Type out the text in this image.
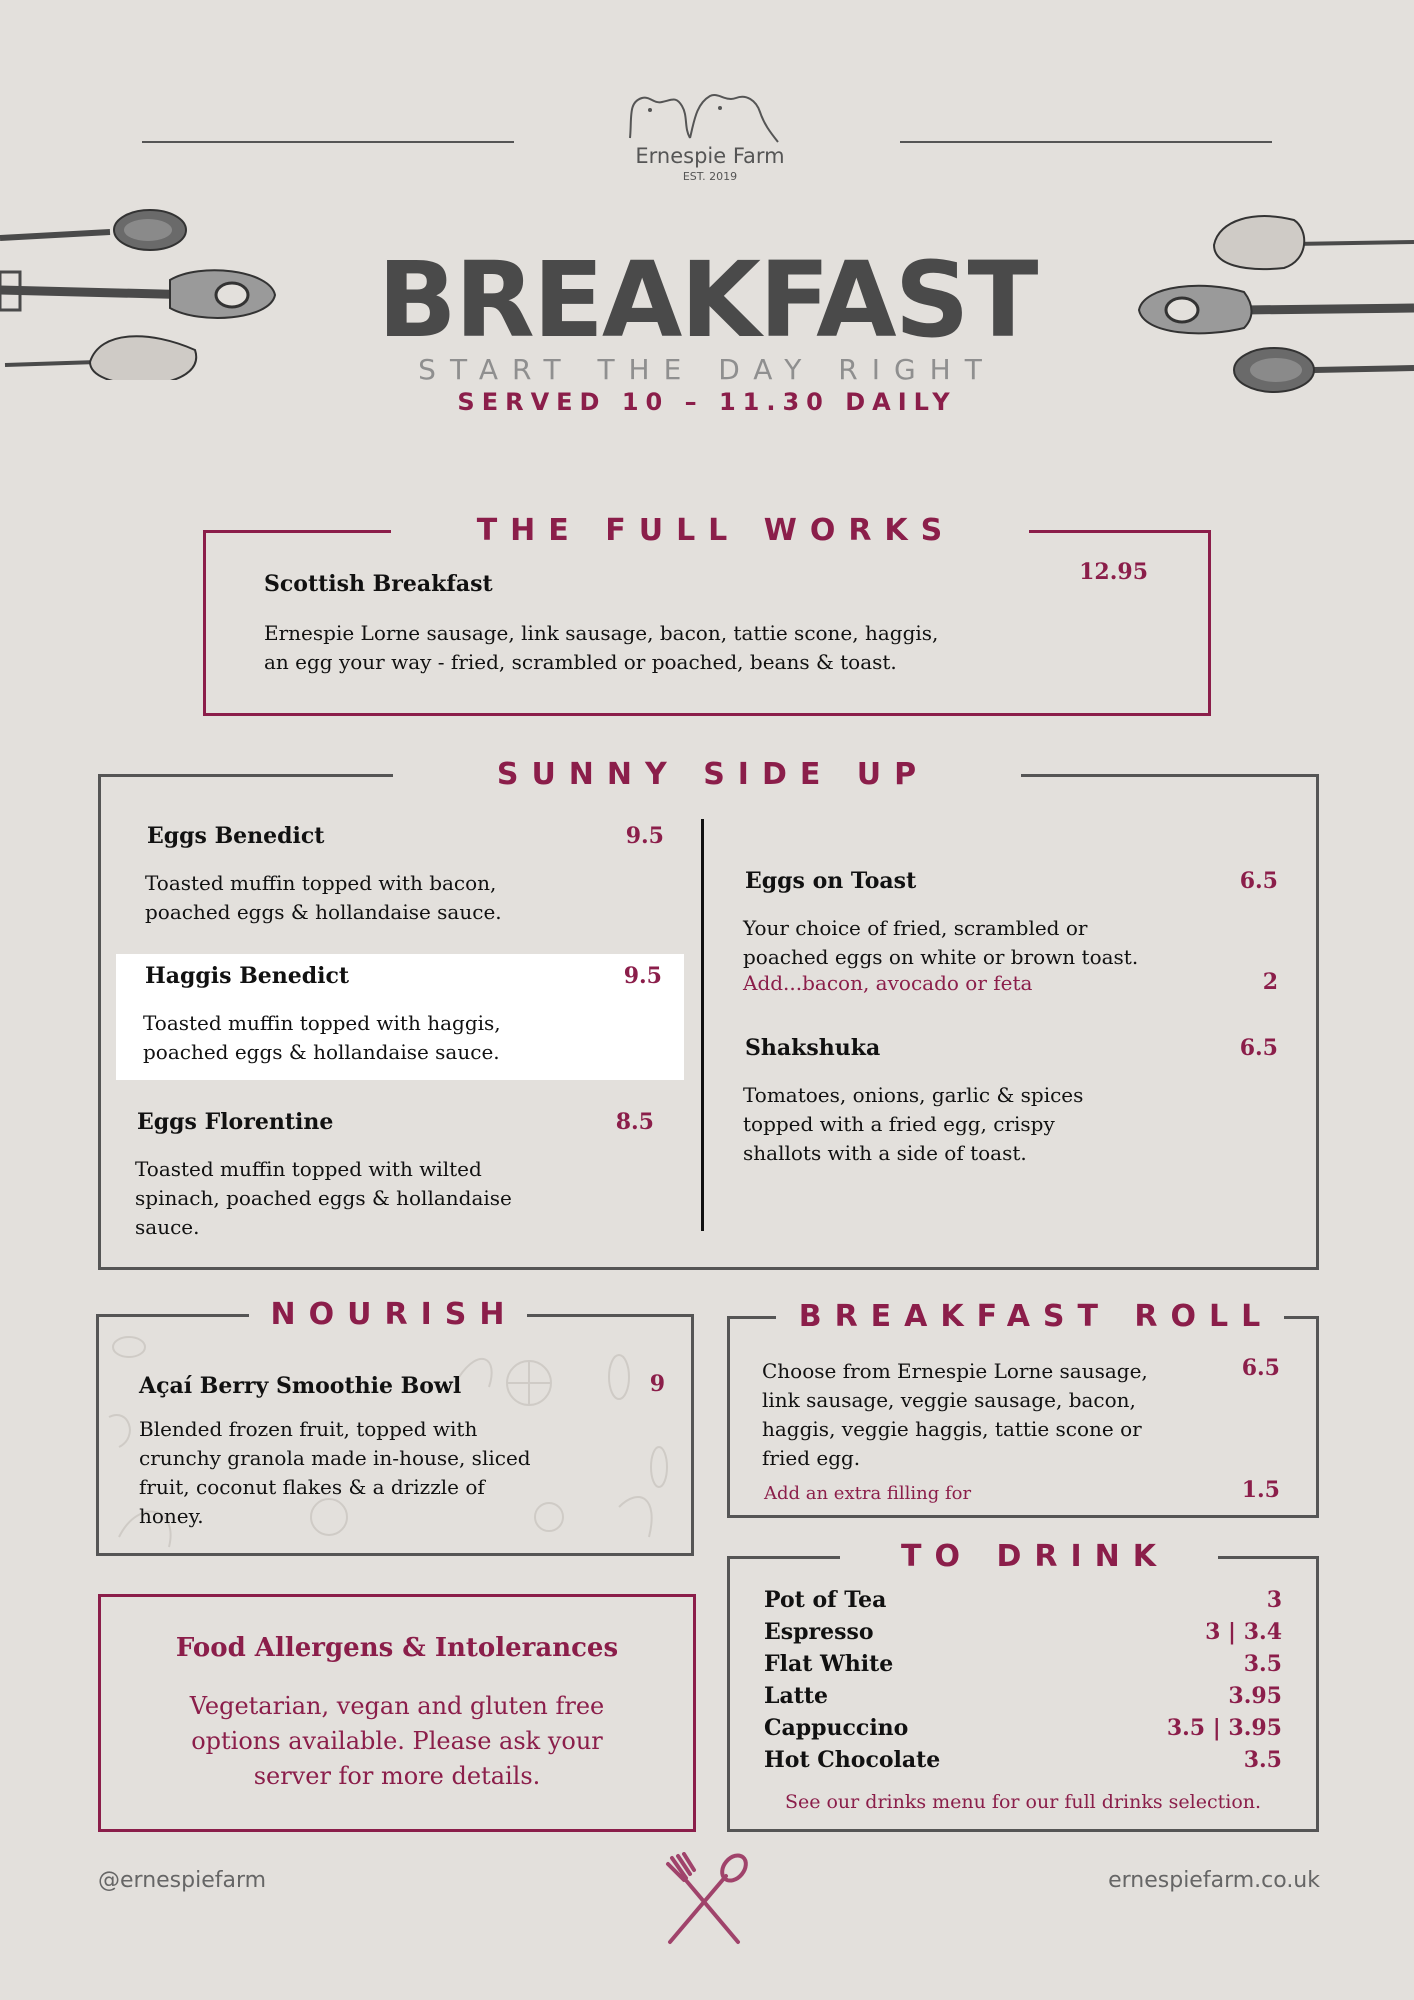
Ernespie Farm
EST. 2019
BREAKFAST
START THE DAY RIGHT
SERVED 10 – 11.30 DAILY
THE FULL WORKS
Scottish Breakfast	12.95
Ernespie Lorne sausage, link sausage, bacon, tattie scone, haggis,
an egg your way - fried, scrambled or poached, beans & toast.
SUNNY SIDE UP
Eggs Benedict	9.5
Toasted muffin topped with bacon,
poached eggs & hollandaise sauce.
Haggis Benedict	9.5
Toasted muffin topped with haggis,
poached eggs & hollandaise sauce.
Eggs Florentine	8.5
Toasted muffin topped with wilted
spinach, poached eggs & hollandaise
sauce.
Eggs on Toast	6.5
Your choice of fried, scrambled or
poached eggs on white or brown toast.
Add...bacon, avocado or feta	2
Shakshuka	6.5
Tomatoes, onions, garlic & spices
topped with a fried egg, crispy
shallots with a side of toast.
NOURISH
Açaí Berry Smoothie Bowl	9
Blended frozen fruit, topped with
crunchy granola made in-house, sliced
fruit, coconut flakes & a drizzle of
honey.
BREAKFAST ROLL
Choose from Ernespie Lorne sausage,
link sausage, veggie sausage, bacon,
haggis, veggie haggis, tattie scone or
fried egg.
6.5
Add an extra filling for	1.5
Food Allergens & Intolerances
Vegetarian, vegan and gluten free
options available. Please ask your
server for more details.
TO DRINK
Pot of Tea	3
Espresso	3 | 3.4
Flat White	3.5
Latte	3.95
Cappuccino	3.5 | 3.95
Hot Chocolate	3.5
See our drinks menu for our full drinks selection.
@ernespiefarm	ernespiefarm.co.uk
